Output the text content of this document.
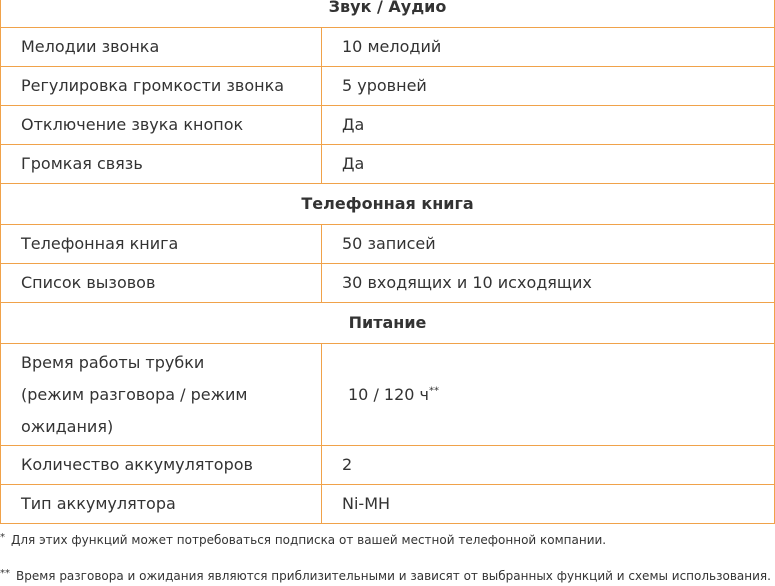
Звук / Аудио	
Мелодии звонка	10 мелодий
Регулировка громкости звонка	5 уровней
Отключение звука кнопок	Да
Громкая связь	Да
Телефонная книга	
Телефонная книга	50 записей
Список вызовов	30 входящих и 10 исходящих
Питание	
Время работы трубки
(режим разговора / режим
ожидания)	10 / 120 ч**
Количество аккумуляторов	2
Тип аккумулятора	Ni-MH
* Для этих функций может потребоваться подписка от вашей местной телефонной компании.
** Время разговора и ожидания являются приблизительными и зависят от выбранных функций и схемы использования.
